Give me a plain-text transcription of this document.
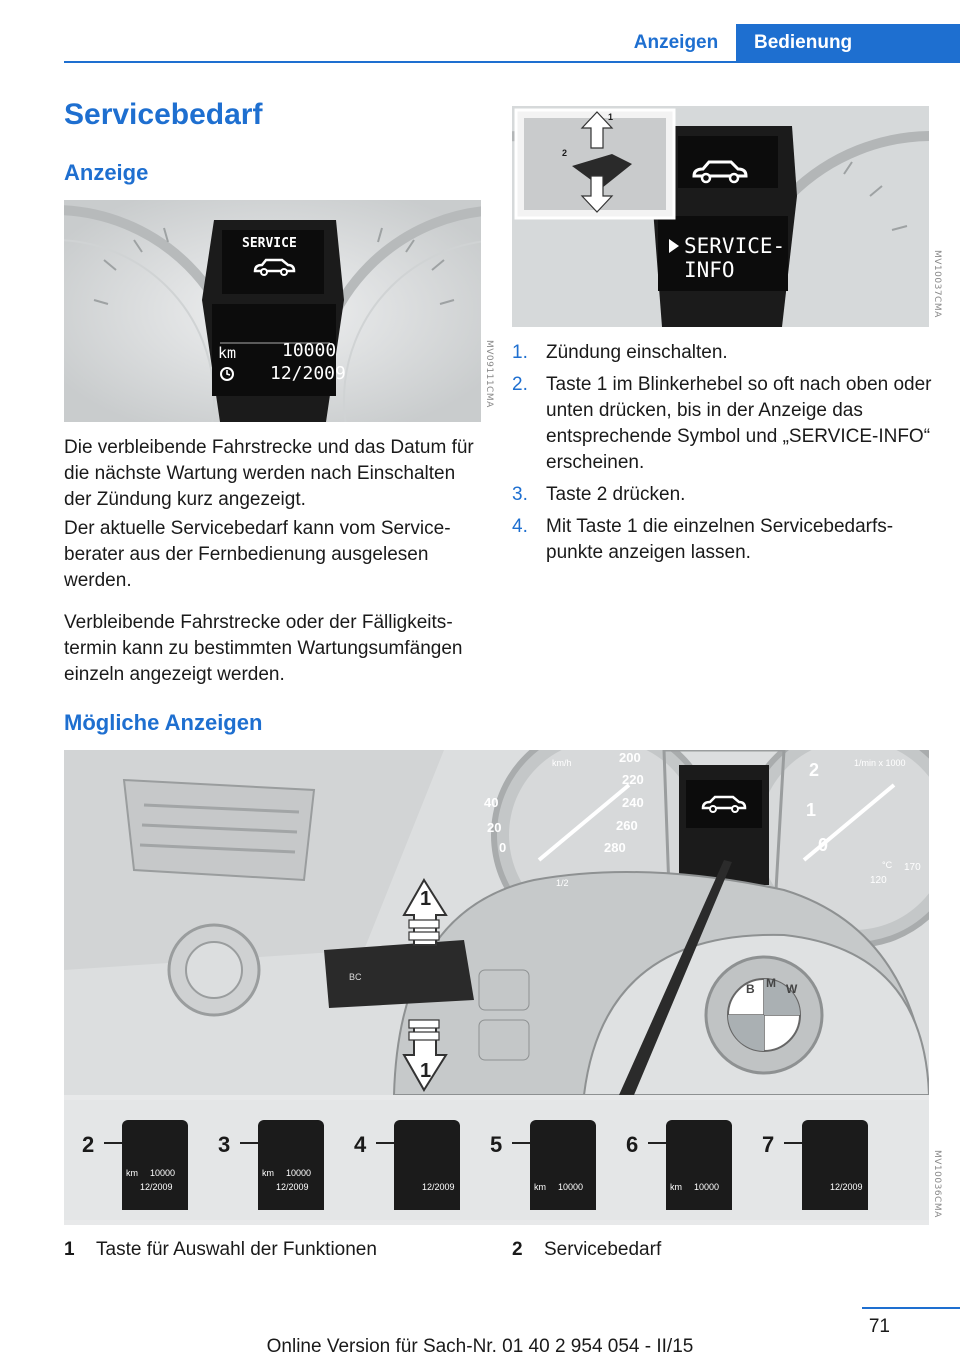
Anzeigen	Bedienung
Servicebedarf
Anzeige
SERVICE
km	10000
12/2009	MV09111CMA

Die verbleibende Fahrstrecke und das Datum für die nächste Wartung werden nach Einschalten der Zündung kurz angezeigt.

Der aktuelle Servicebedarf kann vom Serviceberater aus der Fernbedienung ausgelesen werden.

Verbleibende Fahrstrecke oder der Fälligkeitstermin kann zu bestimmten Wartungsumfängen einzeln angezeigt werden.

SERVICE-
INFO
1
2
MV10037CMA
1. Zündung einschalten.
2. Taste 1 im Blinkerhebel so oft nach oben oder unten drücken, bis in der Anzeige das entsprechende Symbol und „SERVICE-INFO“ erscheinen.
3. Taste 2 drücken.
4. Mit Taste 1 die einzelnen Servicebedarfspunkte anzeigen lassen.
Mögliche Anzeigen
200
220
240
260
280
40
20
0
2
1
0
120
170
km/h	1/min x 1000
1/2
°C
BC
B M W
1
1
2
km 10000
12/2009
3
km 10000
12/2009
4
12/2009
5
km 10000
6
km 10000
7
12/2009	MV10036CMA
1 Taste für Auswahl der Funktionen	2 Servicebedarf
71
Online Version für Sach-Nr. 01 40 2 954 054 - II/15
